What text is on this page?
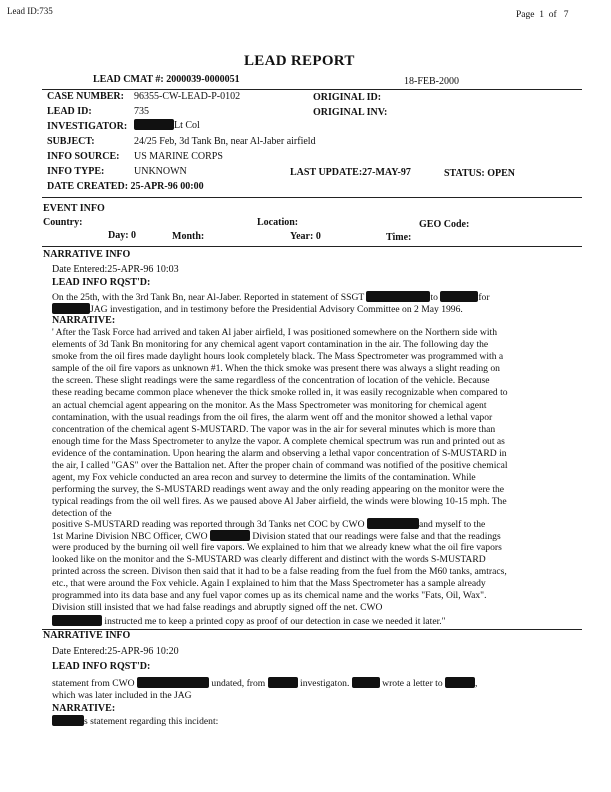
Lead ID:735	Page 1 of 7
LEAD REPORT
LEAD CMAT #: 2000039-0000051	18-FEB-2000
CASE NUMBER: 96355-CW-LEAD-P-0102	ORIGINAL ID:
LEAD ID:	735	ORIGINAL INV:
INVESTIGATOR:	Lt Col
SUBJECT:	24/25 Feb, 3d Tank Bn, near Al-Jaber airfield
INFO SOURCE: US MARINE CORPS
INFO TYPE:	UNKNOWN	LAST UPDATE:27-MAY-97	STATUS: OPEN
DATE CREATED: 25-APR-96 00:00
EVENT INFO
Country:	Location:	GEO Code:
Day: 0	Month:	Year: 0	Time:
NARRATIVE INFO
Date Entered:25-APR-96 10:03
LEAD INFO RQST'D:
On the 25th, with the 3rd Tank Bn, near Al-Jaber. Reported in statement of SSGT	to	for
JAG investigation, and in testimony before the Presidential Advisory Committee on 2 May 1996.
NARRATIVE:
' After the Task Force had arrived and taken Al jaber airfield, I was positioned somewhere on the Northern side with elements of 3d Tank Bn monitoring for any chemical agent vaport contamination in the air. The following day the smoke from the oil fires made daylight hours look completely black. The Mass Spectrometer was programmed with a sample of the oil fire vapors as unknown #1. When the thick smoke was present there was always a slight reading on the screen. These slight readings were the same regardless of the concentration of location of the vehicle. Because these reading became common place whenever the thick smoke rolled in, it was easily recognizable when compared to an actual chemcial agent appearing on the monitor. As the Mass Spectrometer was monitoring for chemical agent contamination, with the usual readings from the oil fires, the alarm went off and the monitor showed a lethal vapor concentration of the chemical agent S-MUSTARD. The vapor was in the air for several minutes which is more than enough time for the Mass Spectrometer to anylze the vapor. A complete chemical spectrum was run and printed out as evidence of the contamination. Upon hearing the alarm and observing a lethal vapor concentration of S-MUSTARD in the air, I called "GAS" over the Battalion net. After the proper chain of command was notified of the positive chemical agent, my Fox vehicle conducted an area recon and survey to determine the limits of the contamination. While performing the survey, the S-MUSTARD readings went away and the only reading appearing on the monitor were the typical readings from the oil well fires. As we paused above Al Jaber airfield, the winds were blowing 10-15 mph. The detection of the
positive S-MUSTARD reading was reported through 3d Tanks net COC by CWO	and myself to the
1st Marine Division NBC Officer, CWO	Division stated that our readings were false and that the readings
were produced by the burning oil well fire vapors. We explained to him that we already knew what the oil fire vapors looked like on the monitor and the S-MUSTARD was clearly different and distinct with the words S-MUSTARD printed across the screen. Divison then said that it had to be a false reading from the fuel from the M60 tanks, amtracs, etc., that were around the Fox vehicle. Again I explained to him that the Mass Spectrometer has a sample already programmed into its data base and any fuel vapor comes up as its chemical name and the works "Fats, Oil, Wax". Division still insisted that we had false readings and abruptly signed off the net. CWO
instructed me to keep a printed copy as proof of our detection in case we needed it later."
NARRATIVE INFO
Date Entered:25-APR-96 10:20
LEAD INFO RQST'D:
statement from CWO	undated, from	investigaton.	wrote a letter to	,
which was later included in the JAG
NARRATIVE:
s statement regarding this incident:
